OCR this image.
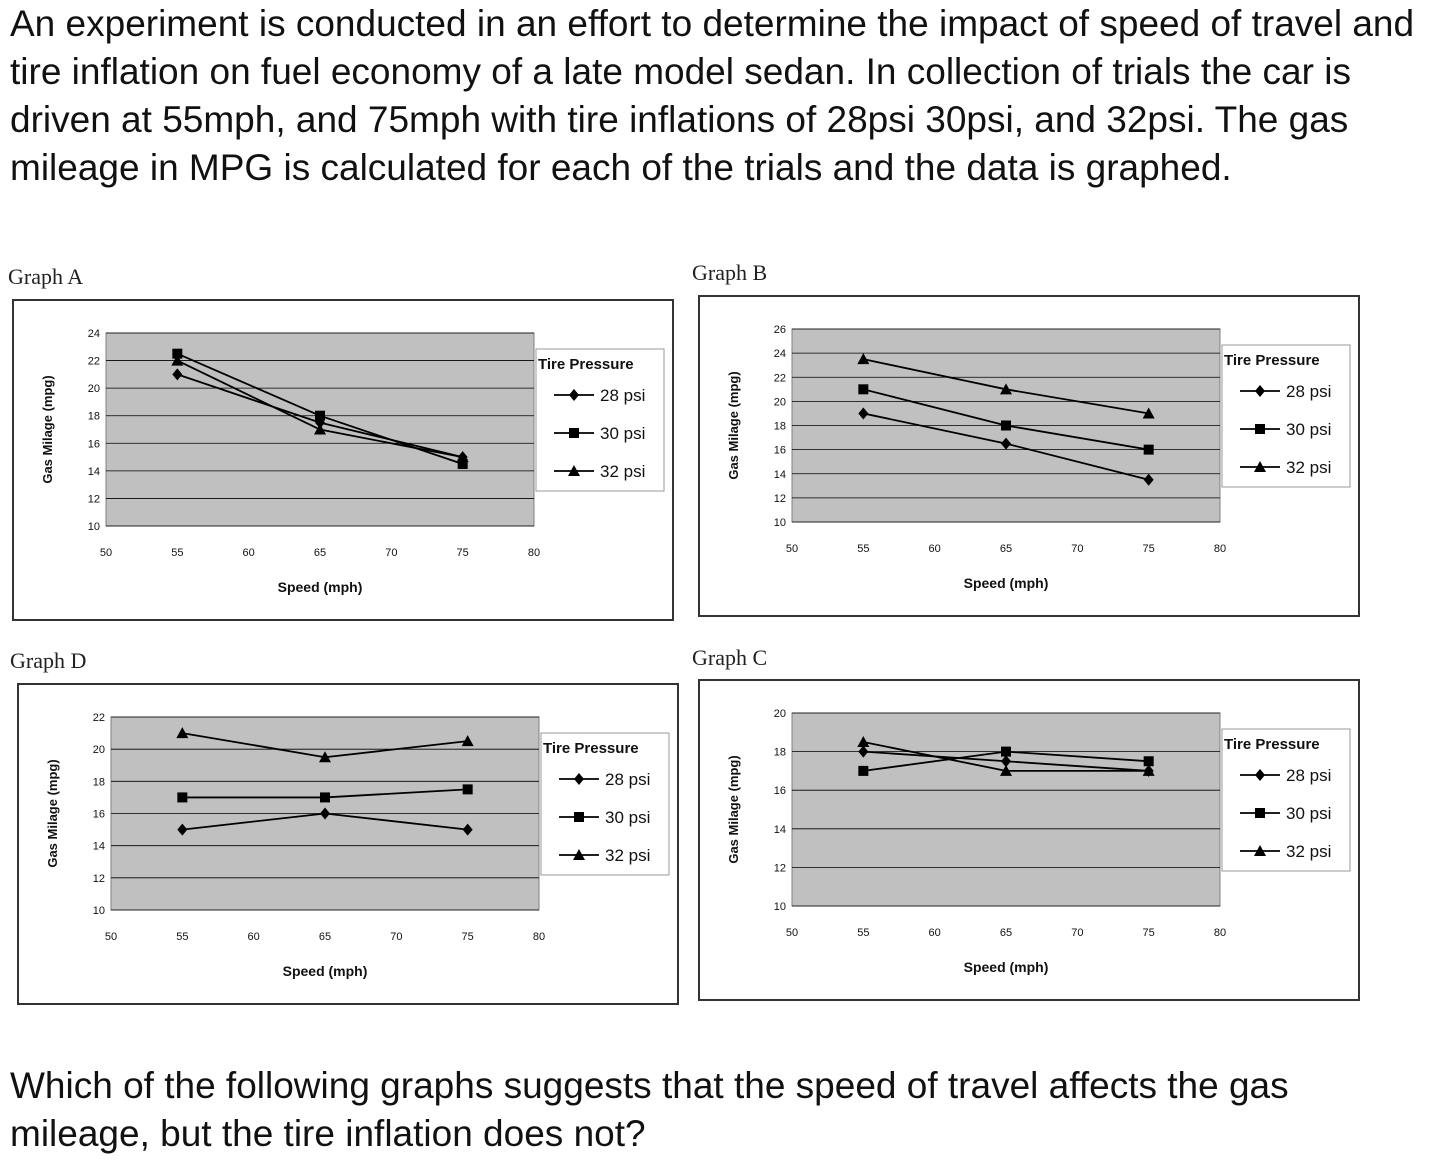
An experiment is conducted in an effort to determine the impact of speed of travel and tire inflation on fuel economy of a late model sedan. In collection of trials the car is driven at 55mph, and 75mph with tire inflations of 28psi 30psi, and 32psi. The gas mileage in MPG is calculated for each of the trials and the data is graphed.

Graph A
10
12
14
16
18
20
22
24
50	55	60	65	70	75	80
Speed (mph)
Gas Milage (mpg)
Tire Pressure
28 psi
30 psi
32 psi
Graph B
10
12
14
16
18
20
22
24
26
50	55	60	65	70	75	80
Speed (mph)
Gas Milage (mpg)
Tire Pressure
28 psi
30 psi
32 psi
Graph D
10
12
14
16
18
20
22
50	55	60	65	70	75	80
Speed (mph)
Gas Milage (mpg)
Tire Pressure
28 psi
30 psi
32 psi
Graph C
10
12
14
16
18
20
50	55	60	65	70	75	80
Speed (mph)
Gas Milage (mpg)
Tire Pressure
28 psi
30 psi
32 psi

Which of the following graphs suggests that the speed of travel affects the gas mileage, but the tire inflation does not?
